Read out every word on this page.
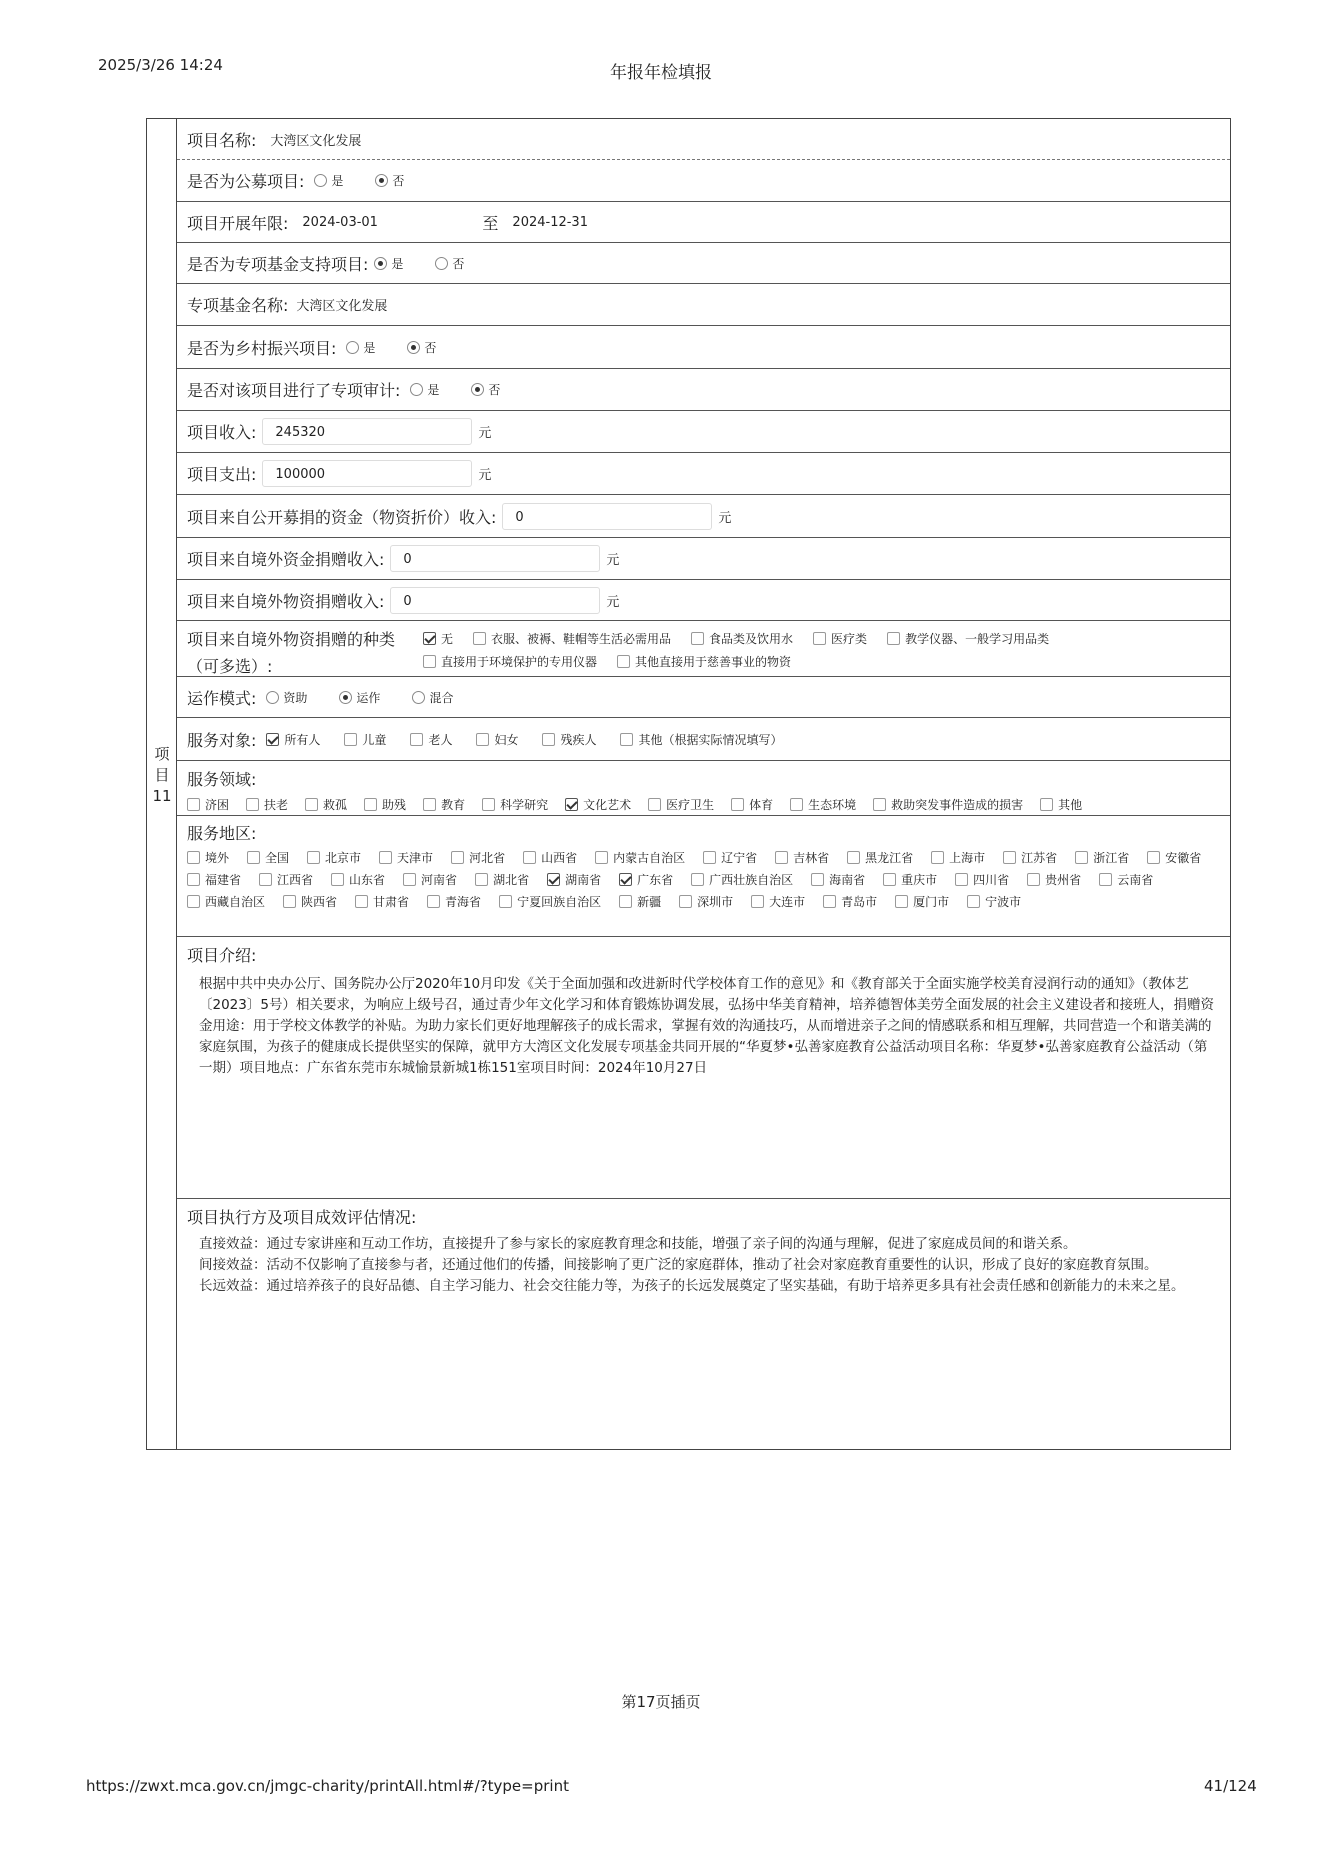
2025/3/26 14:24	年报年检填报
项
目
11
项目名称: 大湾区文化发展
是否为公募项目: 是	否
项目开展年限: 2024-03-01	至 2024-12-31
是否为专项基金支持项目: 是	否
专项基金名称: 大湾区文化发展
是否为乡村振兴项目: 是	否
是否对该项目进行了专项审计: 是	否
项目收入:	245320	元
项目支出:	100000	元
项目来自公开募捐的资金（物资折价）收入:	0	元
项目来自境外资金捐赠收入:	0	元
项目来自境外物资捐赠收入:	0	元
项目来自境外物资捐赠的种类
（可多选）:
无	衣服、被褥、鞋帽等生活必需用品	食品类及饮用水	医疗类	教学仪器、一般学习用品类
直接用于环境保护的专用仪器	其他直接用于慈善事业的物资
运作模式: 资助	运作	混合
服务对象: 所有人	儿童	老人	妇女	残疾人	其他（根据实际情况填写）
服务领域:
济困	扶老	救孤	助残	教育	科学研究	文化艺术	医疗卫生	体育	生态环境	救助突发事件造成的损害	其他
服务地区:
境外	全国	北京市	天津市	河北省	山西省	内蒙古自治区	辽宁省	吉林省	黑龙江省	上海市	江苏省	浙江省	安徽省
福建省	江西省	山东省	河南省	湖北省	湖南省	广东省	广西壮族自治区	海南省	重庆市	四川省	贵州省	云南省
西藏自治区	陕西省	甘肃省	青海省	宁夏回族自治区	新疆	深圳市	大连市	青岛市	厦门市	宁波市
项目介绍:
根据中共中央办公厅、国务院办公厅2020年10月印发《关于全面加强和改进新时代学校体育工作的意见》和《教育部关于全面实施学校美育浸润行动的通知》（教体艺〔2023〕5号）相关要求，为响应上级号召，通过青少年文化学习和体育锻炼协调发展，弘扬中华美育精神，培养德智体美劳全面发展的社会主义建设者和接班人，捐赠资金用途：用于学校文体教学的补贴。为助力家长们更好地理解孩子的成长需求，掌握有效的沟通技巧，从而增进亲子之间的情感联系和相互理解，共同营造一个和谐美满的家庭氛围，为孩子的健康成长提供坚实的保障，就甲方大湾区文化发展专项基金共同开展的“华夏梦•弘善家庭教育公益活动项目名称：华夏梦•弘善家庭教育公益活动（第一期）项目地点：广东省东莞市东城愉景新城1栋151室项目时间：2024年10月27日
项目执行方及项目成效评估情况:
直接效益：通过专家讲座和互动工作坊，直接提升了参与家长的家庭教育理念和技能，增强了亲子间的沟通与理解，促进了家庭成员间的和谐关系。
间接效益：活动不仅影响了直接参与者，还通过他们的传播，间接影响了更广泛的家庭群体，推动了社会对家庭教育重要性的认识，形成了良好的家庭教育氛围。
长远效益：通过培养孩子的良好品德、自主学习能力、社会交往能力等，为孩子的长远发展奠定了坚实基础，有助于培养更多具有社会责任感和创新能力的未来之星。
第17页插页
https://zwxt.mca.gov.cn/jmgc-charity/printAll.html#/?type=print	41/124
